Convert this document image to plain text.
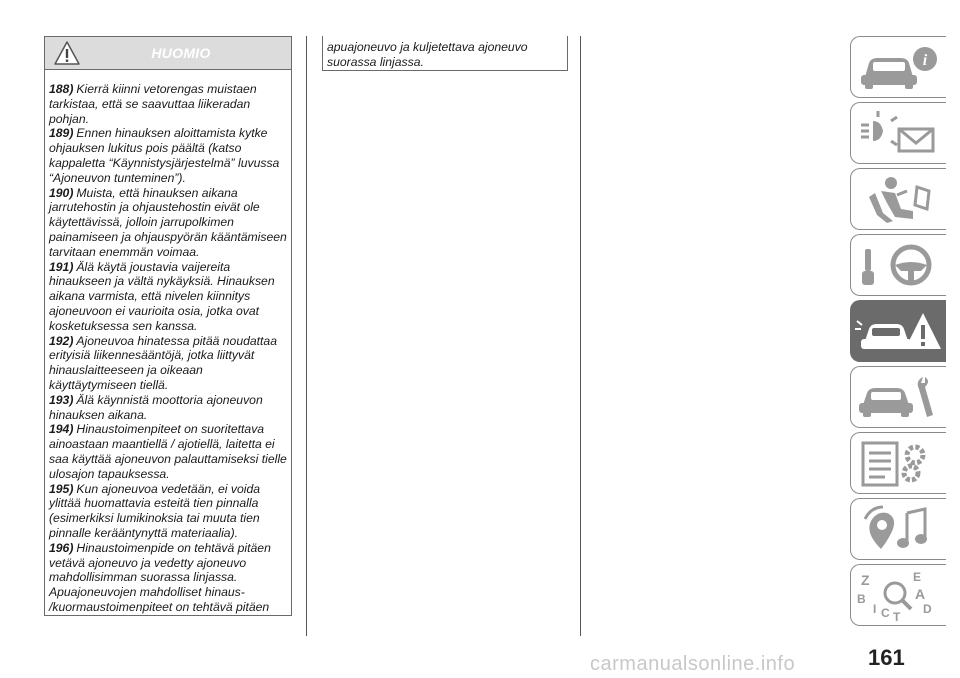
HUOMIO

188) Kierrä kiinni vetorengas muistaen tarkistaa, että se saavuttaa liikeradan pohjan.

189) Ennen hinauksen aloittamista kytke ohjauksen lukitus pois päältä (katso kappaletta “Käynnistysjärjestelmä” luvussa “Ajoneuvon tunteminen”).

190) Muista, että hinauksen aikana jarrutehostin ja ohjaustehostin eivät ole käytettävissä, jolloin jarrupolkimen painamiseen ja ohjauspyörän kääntämiseen tarvitaan enemmän voimaa.

191) Älä käytä joustavia vaijereita hinaukseen ja vältä nykäyksiä. Hinauksen aikana varmista, että nivelen kiinnitys ajoneuvoon ei vaurioita osia, jotka ovat kosketuksessa sen kanssa.

192) Ajoneuvoa hinatessa pitää noudattaa erityisiä liikennesääntöjä, jotka liittyvät hinauslaitteeseen ja oikeaan käyttäytymiseen tiellä.

193) Älä käynnistä moottoria ajoneuvon hinauksen aikana.

194) Hinaustoimenpiteet on suoritettava ainoastaan maantiellä / ajotiellä, laitetta ei saa käyttää ajoneuvon palauttamiseksi tielle ulosajon tapauksessa.

195) Kun ajoneuvoa vedetään, ei voida ylittää huomattavia esteitä tien pinnalla (esimerkiksi lumikinoksia tai muuta tien pinnalle kerääntynyttä materiaalia).

196) Hinaustoimenpide on tehtävä pitäen vetävä ajoneuvo ja vedetty ajoneuvo mahdollisimman suorassa linjassa. Apuajoneuvojen mahdolliset hinaus- /kuormaustoimenpiteet on tehtävä pitäen

apuajoneuvo ja kuljetettava ajoneuvo suorassa linjassa.	i
Z	E
B	A
D
I C T
161
carmanualsonline.info
